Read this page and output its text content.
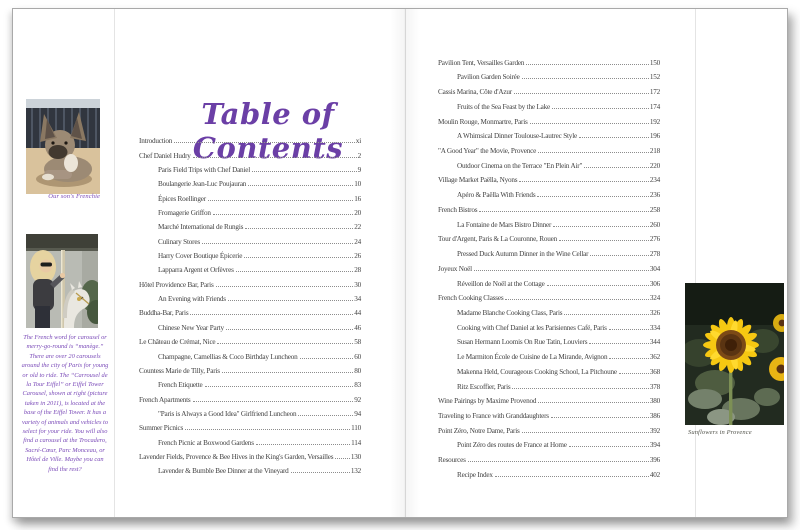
Our son's Frenchie
The French word for carousel or merry-go-round is “manège.” There are over 20 carousels around the city of Paris for young or old to ride. The “Carrousel de la Tour Eiffel” or Eiffel Tower Carousel, shown at right (picture taken in 2011), is located at the base of the Eiffel Tower. It has a variety of animals and vehicles to select for your ride. You will also find a carousel at the Trocadero, Sacré-Cœur, Parc Monceau, or Hôtel de Ville. Maybe you can find the rest?
Table of Contents
Introduction	xi
Chef Daniel Hudry	2
Paris Field Trips with Chef Daniel	9
Boulangerie Jean-Luc Poujauran	10
Épices Roellinger	16
Fromagerie Griffon	20
Marché International de Rungis	22
Culinary Stores	24
Harry Cover Boutique Épicerie	26
Lapparra Argent et Orfèvres	28
Hôtel Providence Bar, Paris	30
An Evening with Friends	34
Buddha-Bar, Paris	44
Chinese New Year Party	46
Le Château de Crémat, Nice	58
Champagne, Camellias & Coco Birthday Luncheon	60
Countess Marie de Tilly, Paris	80
French Etiquette	83
French Apartments	92
"Paris is Always a Good Idea" Girlfriend Luncheon	94
Summer Picnics	110
French Picnic at Boxwood Gardens	114
Lavender Fields, Provence & Bee Hives in the King's Garden, Versailles 130
Lavender & Bumble Bee Dinner at the Vineyard	132
Pavilion Tent, Versailles Garden	150
Pavilion Garden Soirée	152
Cassis Marina, Côte d'Azur	172
Fruits of the Sea Feast by the Lake	174
Moulin Rouge, Monmartre, Paris	192
A Whimsical Dinner Toulouse-Lautrec Style	196
"A Good Year" the Movie, Provence	218
Outdoor Cinema on the Terrace "En Plein Air"	220
Village Market Paëlla, Nyons	234
Apéro & Paëlla With Friends	236
French Bistros	258
La Fontaine de Mars Bistro Dinner	260
Tour d'Argent, Paris & La Couronne, Rouen	276
Pressed Duck Autumn Dinner in the Wine Cellar	278
Joyeux Noël	304
Réveillon de Noël at the Cottage	306
French Cooking Classes	324
Madame Blanche Cooking Class, Paris	326
Cooking with Chef Daniel at les Parisiennes Café, Paris	334
Susan Hermann Loomis On Rue Tatin, Louviers	344
Le Marmiton École de Cuisine de La Mirande, Avignon	362
Makenna Held, Courageous Cooking School, La Pitchoune	368
Ritz Escoffier, Paris	378
Wine Pairings by Maxime Provenod	380
Traveling to France with Granddaughters	386
Point Zéro, Notre Dame, Paris	392
Point Zéro des routes de France at Home	394
Resources	396
Recipe Index	402
Sunflowers in Provence
